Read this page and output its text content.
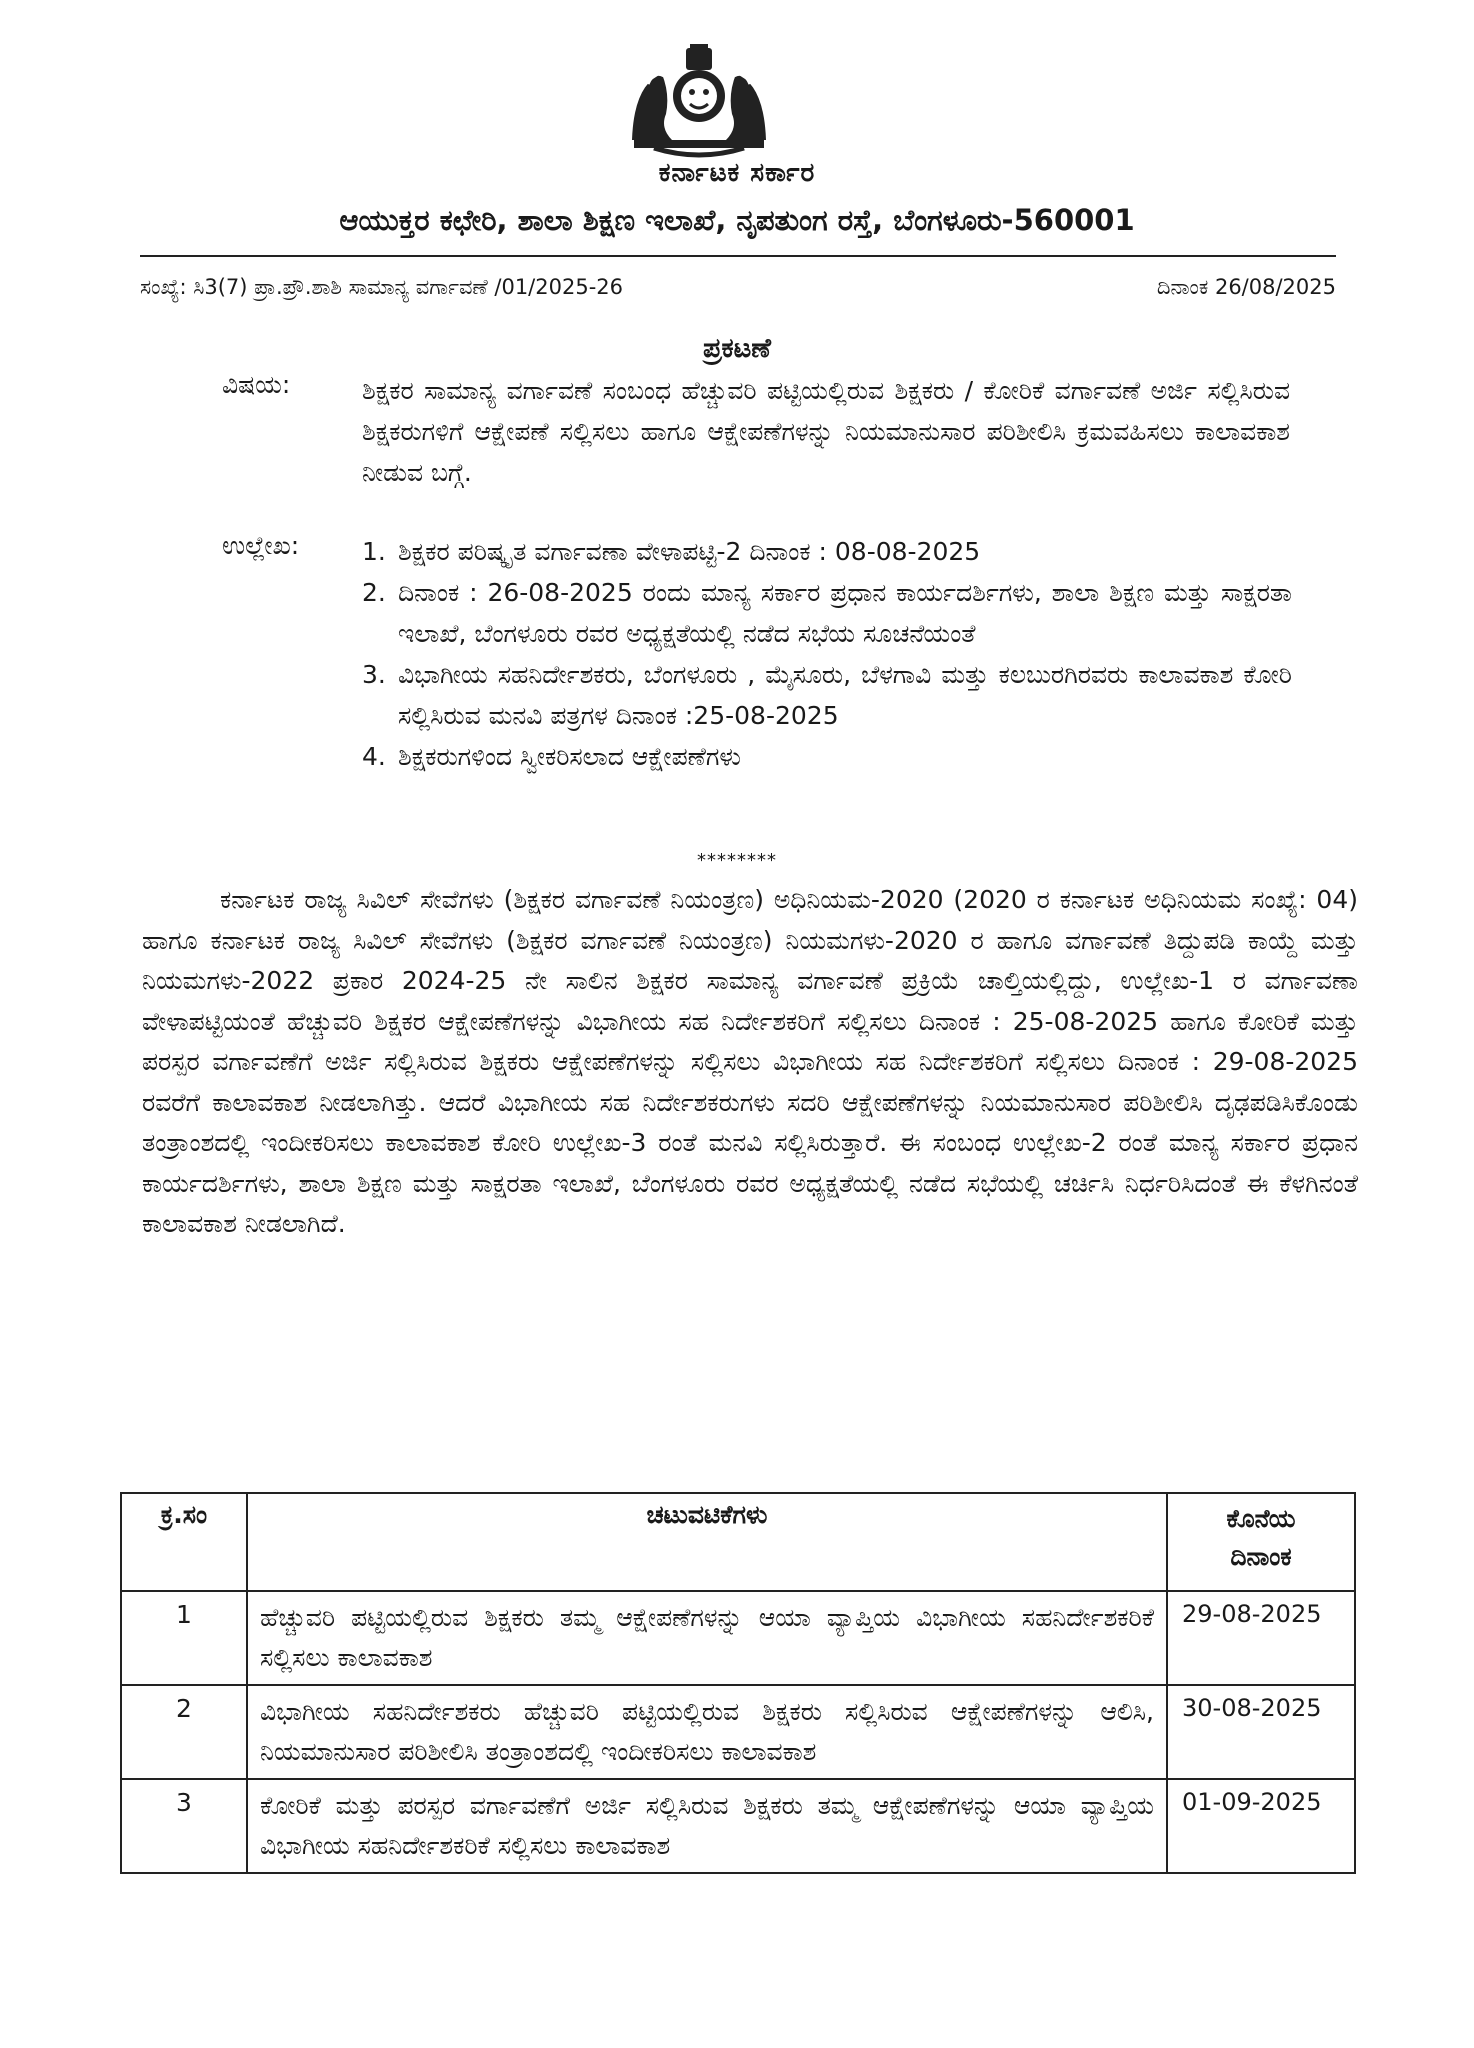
ಕರ್ನಾಟಕ ಸರ್ಕಾರ
ಆಯುಕ್ತರ ಕಛೇರಿ, ಶಾಲಾ ಶಿಕ್ಷಣ ಇಲಾಖೆ, ನೃಪತುಂಗ ರಸ್ತೆ, ಬೆಂಗಳೂರು-560001
ಸಂಖ್ಯೆ: ಸಿ3(7) ಪ್ರಾ.ಪ್ರೌ.ಶಾಶಿ ಸಾಮಾನ್ಯ ವರ್ಗಾವಣೆ /01/2025-26	ದಿನಾಂಕ 26/08/2025
ಪ್ರಕಟಣೆ
ವಿಷಯ:	ಶಿಕ್ಷಕರ ಸಾಮಾನ್ಯ ವರ್ಗಾವಣೆ ಸಂಬಂಧ ಹೆಚ್ಚುವರಿ ಪಟ್ಟಿಯಲ್ಲಿರುವ ಶಿಕ್ಷಕರು / ಕೋರಿಕೆ ವರ್ಗಾವಣೆ ಅರ್ಜಿ ಸಲ್ಲಿಸಿರುವ ಶಿಕ್ಷಕರುಗಳಿಗೆ ಆಕ್ಷೇಪಣೆ ಸಲ್ಲಿಸಲು ಹಾಗೂ ಆಕ್ಷೇಪಣೆಗಳನ್ನು ನಿಯಮಾನುಸಾರ ಪರಿಶೀಲಿಸಿ ಕ್ರಮವಹಿಸಲು ಕಾಲಾವಕಾಶ ನೀಡುವ ಬಗ್ಗೆ.
ಉಲ್ಲೇಖ:	1. ಶಿಕ್ಷಕರ ಪರಿಷ್ಕೃತ ವರ್ಗಾವಣಾ ವೇಳಾಪಟ್ಟಿ-2 ದಿನಾಂಕ : 08-08-2025
2. ದಿನಾಂಕ : 26-08-2025 ರಂದು ಮಾನ್ಯ ಸರ್ಕಾರ ಪ್ರಧಾನ ಕಾರ್ಯದರ್ಶಿಗಳು, ಶಾಲಾ ಶಿಕ್ಷಣ ಮತ್ತು ಸಾಕ್ಷರತಾ ಇಲಾಖೆ, ಬೆಂಗಳೂರು ರವರ ಅಧ್ಯಕ್ಷತೆಯಲ್ಲಿ ನಡೆದ ಸಭೆಯ ಸೂಚನೆಯಂತೆ
3. ವಿಭಾಗೀಯ ಸಹನಿರ್ದೇಶಕರು, ಬೆಂಗಳೂರು , ಮೈಸೂರು, ಬೆಳಗಾವಿ ಮತ್ತು ಕಲಬುರಗಿರವರು ಕಾಲಾವಕಾಶ ಕೋರಿ ಸಲ್ಲಿಸಿರುವ ಮನವಿ ಪತ್ರಗಳ ದಿನಾಂಕ :25-08-2025
4. ಶಿಕ್ಷಕರುಗಳಿಂದ ಸ್ವೀಕರಿಸಲಾದ ಆಕ್ಷೇಪಣೆಗಳು
********
ಕರ್ನಾಟಕ ರಾಜ್ಯ ಸಿವಿಲ್ ಸೇವೆಗಳು (ಶಿಕ್ಷಕರ ವರ್ಗಾವಣೆ ನಿಯಂತ್ರಣ) ಅಧಿನಿಯಮ-2020 (2020 ರ ಕರ್ನಾಟಕ ಅಧಿನಿಯಮ ಸಂಖ್ಯೆ: 04) ಹಾಗೂ ಕರ್ನಾಟಕ ರಾಜ್ಯ ಸಿವಿಲ್ ಸೇವೆಗಳು (ಶಿಕ್ಷಕರ ವರ್ಗಾವಣೆ ನಿಯಂತ್ರಣ) ನಿಯಮಗಳು-2020 ರ ಹಾಗೂ ವರ್ಗಾವಣೆ ತಿದ್ದುಪಡಿ ಕಾಯ್ದೆ ಮತ್ತು ನಿಯಮಗಳು-2022 ಪ್ರಕಾರ 2024-25 ನೇ ಸಾಲಿನ ಶಿಕ್ಷಕರ ಸಾಮಾನ್ಯ ವರ್ಗಾವಣೆ ಪ್ರಕ್ರಿಯೆ ಚಾಲ್ತಿಯಲ್ಲಿದ್ದು, ಉಲ್ಲೇಖ-1 ರ ವರ್ಗಾವಣಾ ವೇಳಾಪಟ್ಟಿಯಂತೆ ಹೆಚ್ಚುವರಿ ಶಿಕ್ಷಕರ ಆಕ್ಷೇಪಣೆಗಳನ್ನು ವಿಭಾಗೀಯ ಸಹ ನಿರ್ದೇಶಕರಿಗೆ ಸಲ್ಲಿಸಲು ದಿನಾಂಕ : 25-08-2025 ಹಾಗೂ ಕೋರಿಕೆ ಮತ್ತು ಪರಸ್ಪರ ವರ್ಗಾವಣೆಗೆ ಅರ್ಜಿ ಸಲ್ಲಿಸಿರುವ ಶಿಕ್ಷಕರು ಆಕ್ಷೇಪಣೆಗಳನ್ನು ಸಲ್ಲಿಸಲು ವಿಭಾಗೀಯ ಸಹ ನಿರ್ದೇಶಕರಿಗೆ ಸಲ್ಲಿಸಲು ದಿನಾಂಕ : 29-08-2025 ರವರೆಗೆ ಕಾಲಾವಕಾಶ ನೀಡಲಾಗಿತ್ತು. ಆದರೆ ವಿಭಾಗೀಯ ಸಹ ನಿರ್ದೇಶಕರುಗಳು ಸದರಿ ಆಕ್ಷೇಪಣೆಗಳನ್ನು ನಿಯಮಾನುಸಾರ ಪರಿಶೀಲಿಸಿ ದೃಢಪಡಿಸಿಕೊಂಡು ತಂತ್ರಾಂಶದಲ್ಲಿ ಇಂದೀಕರಿಸಲು ಕಾಲಾವಕಾಶ ಕೋರಿ ಉಲ್ಲೇಖ-3 ರಂತೆ ಮನವಿ ಸಲ್ಲಿಸಿರುತ್ತಾರೆ. ಈ ಸಂಬಂಧ ಉಲ್ಲೇಖ-2 ರಂತೆ ಮಾನ್ಯ ಸರ್ಕಾರ ಪ್ರಧಾನ ಕಾರ್ಯದರ್ಶಿಗಳು, ಶಾಲಾ ಶಿಕ್ಷಣ ಮತ್ತು ಸಾಕ್ಷರತಾ ಇಲಾಖೆ, ಬೆಂಗಳೂರು ರವರ ಅಧ್ಯಕ್ಷತೆಯಲ್ಲಿ ನಡೆದ ಸಭೆಯಲ್ಲಿ ಚರ್ಚಿಸಿ ನಿರ್ಧರಿಸಿದಂತೆ ಈ ಕೆಳಗಿನಂತೆ ಕಾಲಾವಕಾಶ ನೀಡಲಾಗಿದೆ.
ಕ್ರ.ಸಂ	ಚಟುವಟಿಕೆಗಳು	ಕೊನೆಯ
ದಿನಾಂಕ

1	ಹೆಚ್ಚುವರಿ ಪಟ್ಟಿಯಲ್ಲಿರುವ ಶಿಕ್ಷಕರು ತಮ್ಮ ಆಕ್ಷೇಪಣೆಗಳನ್ನು ಆಯಾ ವ್ಯಾಪ್ತಿಯ ವಿಭಾಗೀಯ ಸಹನಿರ್ದೇಶಕರಿಕೆ ಸಲ್ಲಿಸಲು ಕಾಲಾವಕಾಶ	29-08-2025
2	ವಿಭಾಗೀಯ ಸಹನಿರ್ದೇಶಕರು ಹೆಚ್ಚುವರಿ ಪಟ್ಟಿಯಲ್ಲಿರುವ ಶಿಕ್ಷಕರು ಸಲ್ಲಿಸಿರುವ ಆಕ್ಷೇಪಣೆಗಳನ್ನು ಆಲಿಸಿ, ನಿಯಮಾನುಸಾರ ಪರಿಶೀಲಿಸಿ ತಂತ್ರಾಂಶದಲ್ಲಿ ಇಂದೀಕರಿಸಲು ಕಾಲಾವಕಾಶ	30-08-2025
3	ಕೋರಿಕೆ ಮತ್ತು ಪರಸ್ಪರ ವರ್ಗಾವಣೆಗೆ ಅರ್ಜಿ ಸಲ್ಲಿಸಿರುವ ಶಿಕ್ಷಕರು ತಮ್ಮ ಆಕ್ಷೇಪಣೆಗಳನ್ನು ಆಯಾ ವ್ಯಾಪ್ತಿಯ ವಿಭಾಗೀಯ ಸಹನಿರ್ದೇಶಕರಿಕೆ ಸಲ್ಲಿಸಲು ಕಾಲಾವಕಾಶ	01-09-2025
